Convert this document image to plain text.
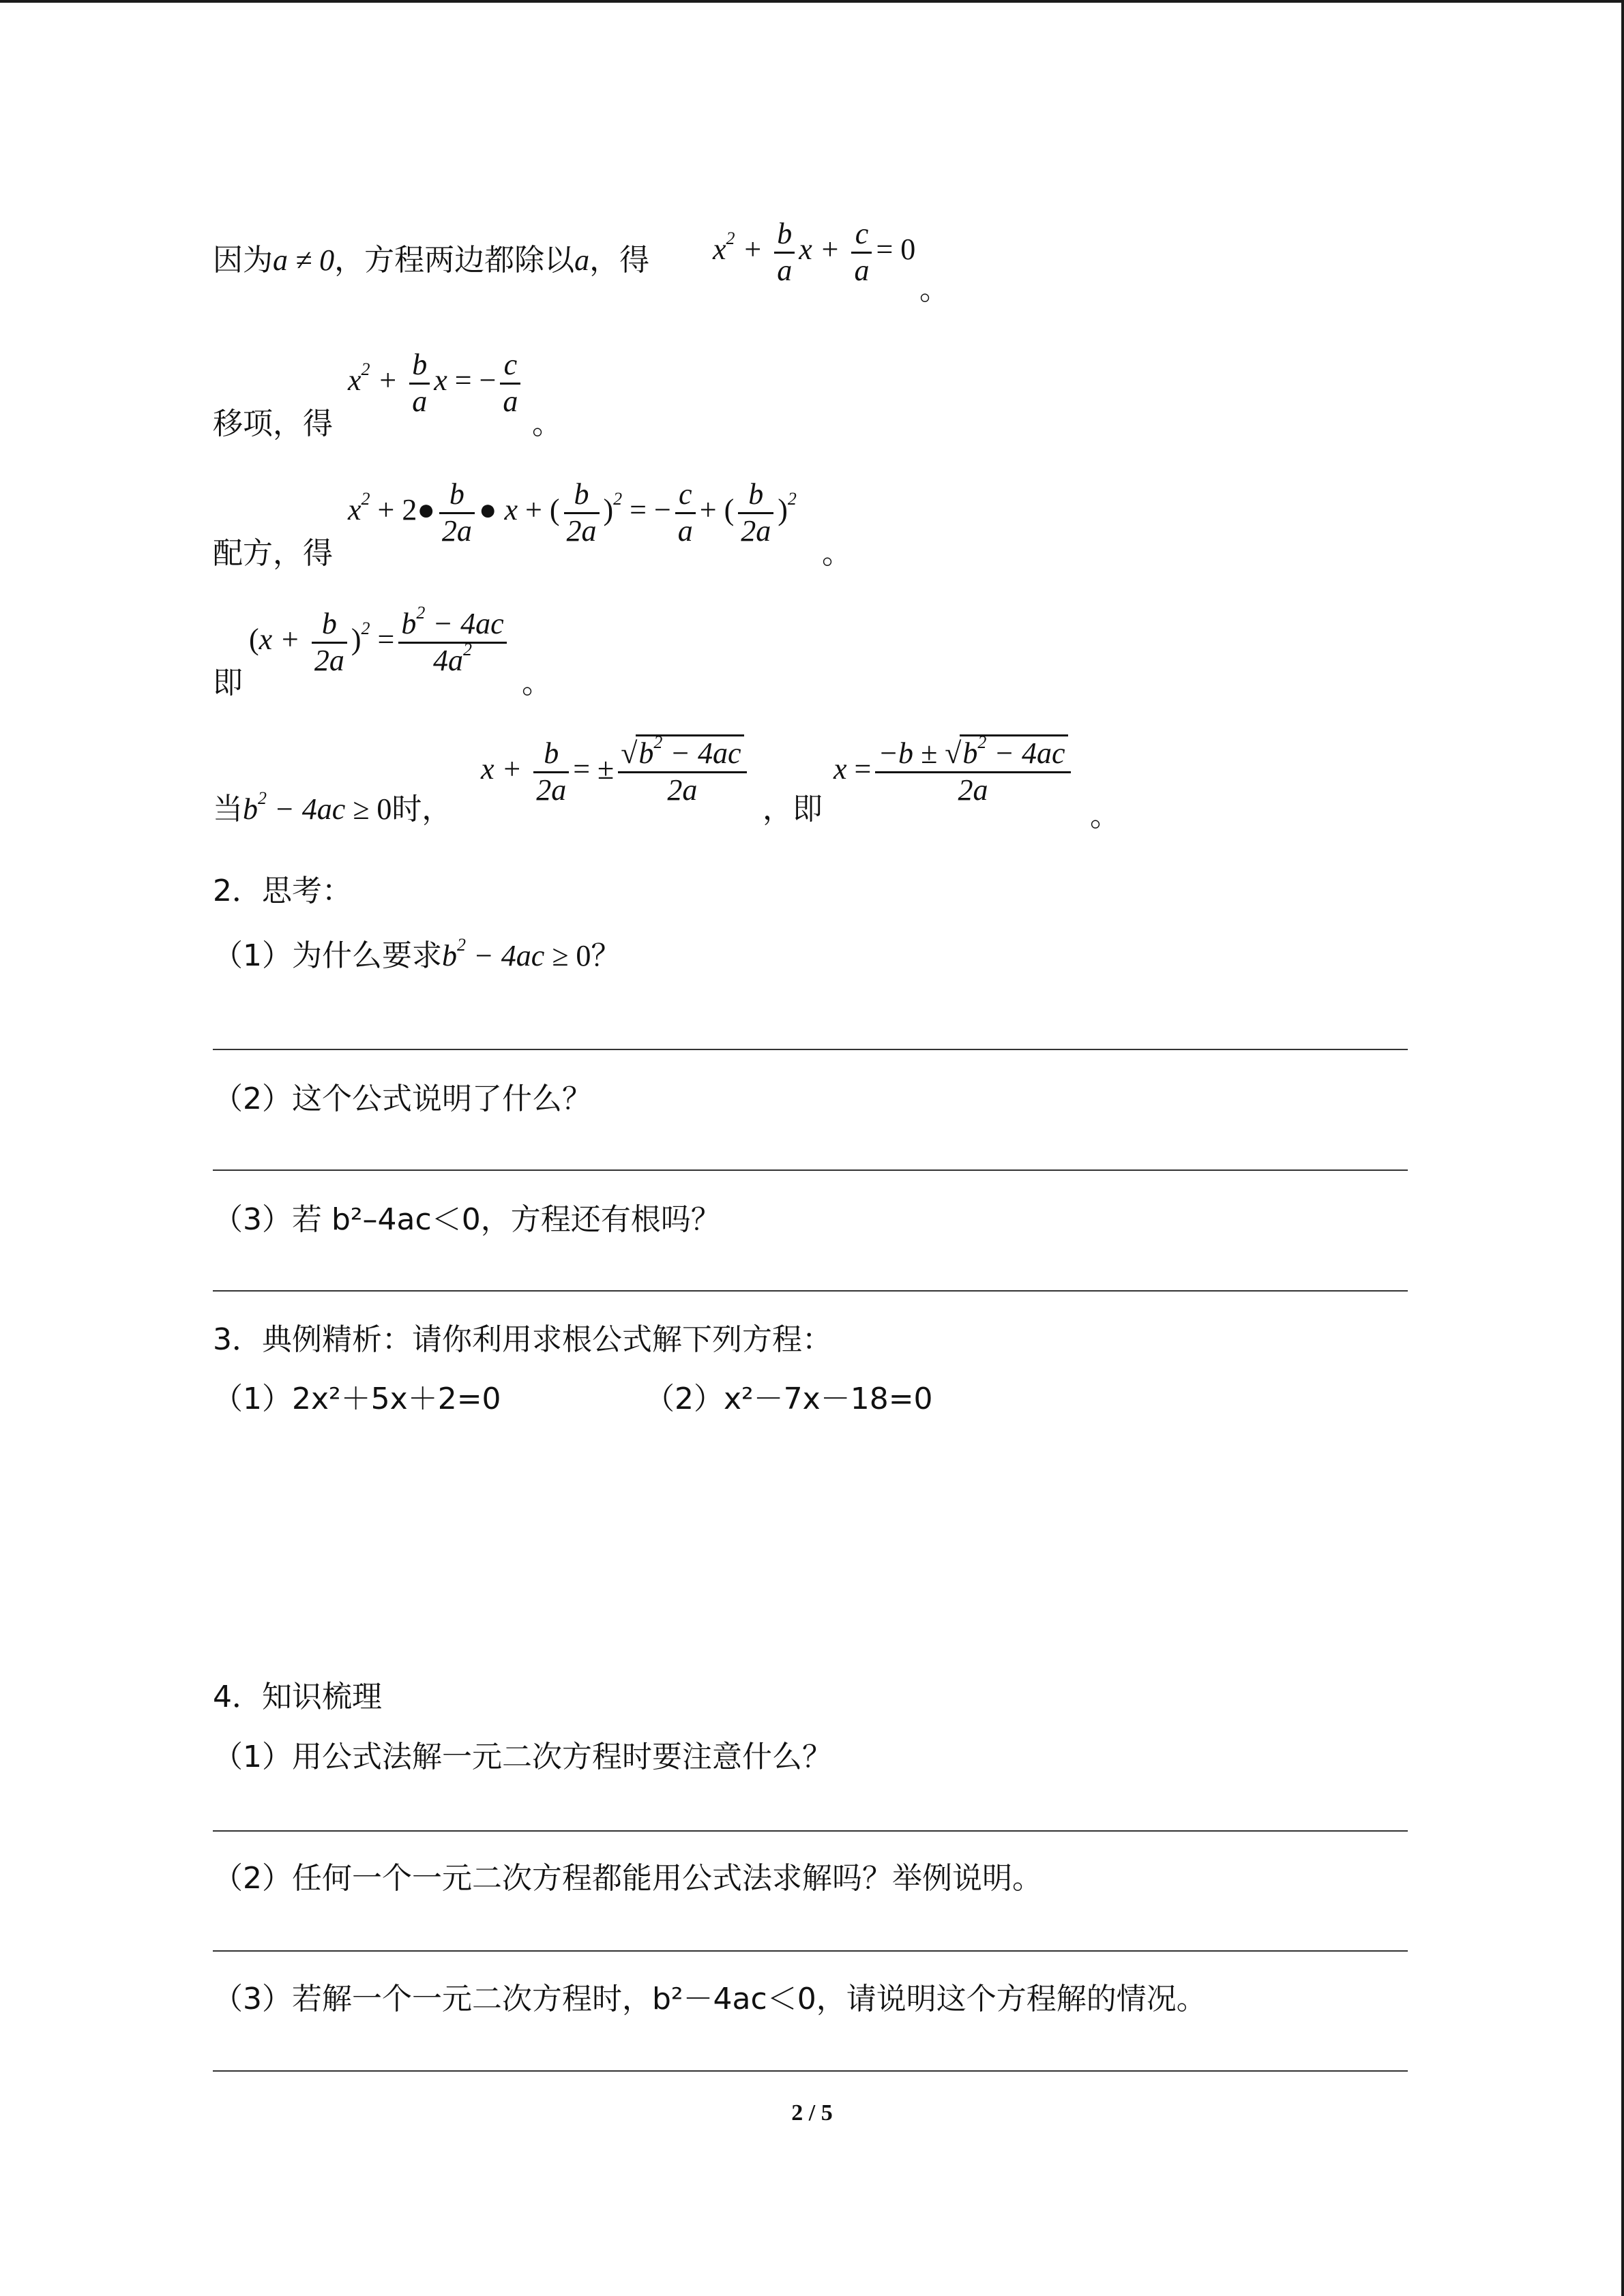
因为a ≠ 0，方程两边都除以a，得 $x^2 + \frac{b}{a}$ $x + \frac{c}{a} = 0$
。
移项，得
$x^2 + \frac{b}{a}$ x = − $\frac{c}{a}$
。
配方，得
$x^2$ + 2● $\frac{b}{2a}$ ● x + ( $\frac{b}{2a} )^2$ = − $\frac{c}{a}$ + ( $\frac{b}{2a} )^2$
。
即
$(x + \frac{b}{2a} )^2 = \frac{b^2 - 4ac}{4a^2}$
。
当$b^2 - 4ac \ge 0$时，
$x + \frac{b}{2a}$ = ± $\frac{√b^2 - 4ac}{2a}$
，即
$x = \frac{-b \pm √b^2 - 4ac}{2a}$
。
2．思考：
（1）为什么要求$b^2 - 4ac \ge 0$？
（2）这个公式说明了什么？
（3）若 b²–4ac＜0，方程还有根吗？
3．典例精析：请你利用求根公式解下列方程：
（1）2x²＋5x＋2=0	（2）x²－7x－18=0
4．知识梳理
（1）用公式法解一元二次方程时要注意什么？
（2）任何一个一元二次方程都能用公式法求解吗？举例说明。
（3）若解一个一元二次方程时，b²－4ac＜0，请说明这个方程解的情况。
2 / 5
